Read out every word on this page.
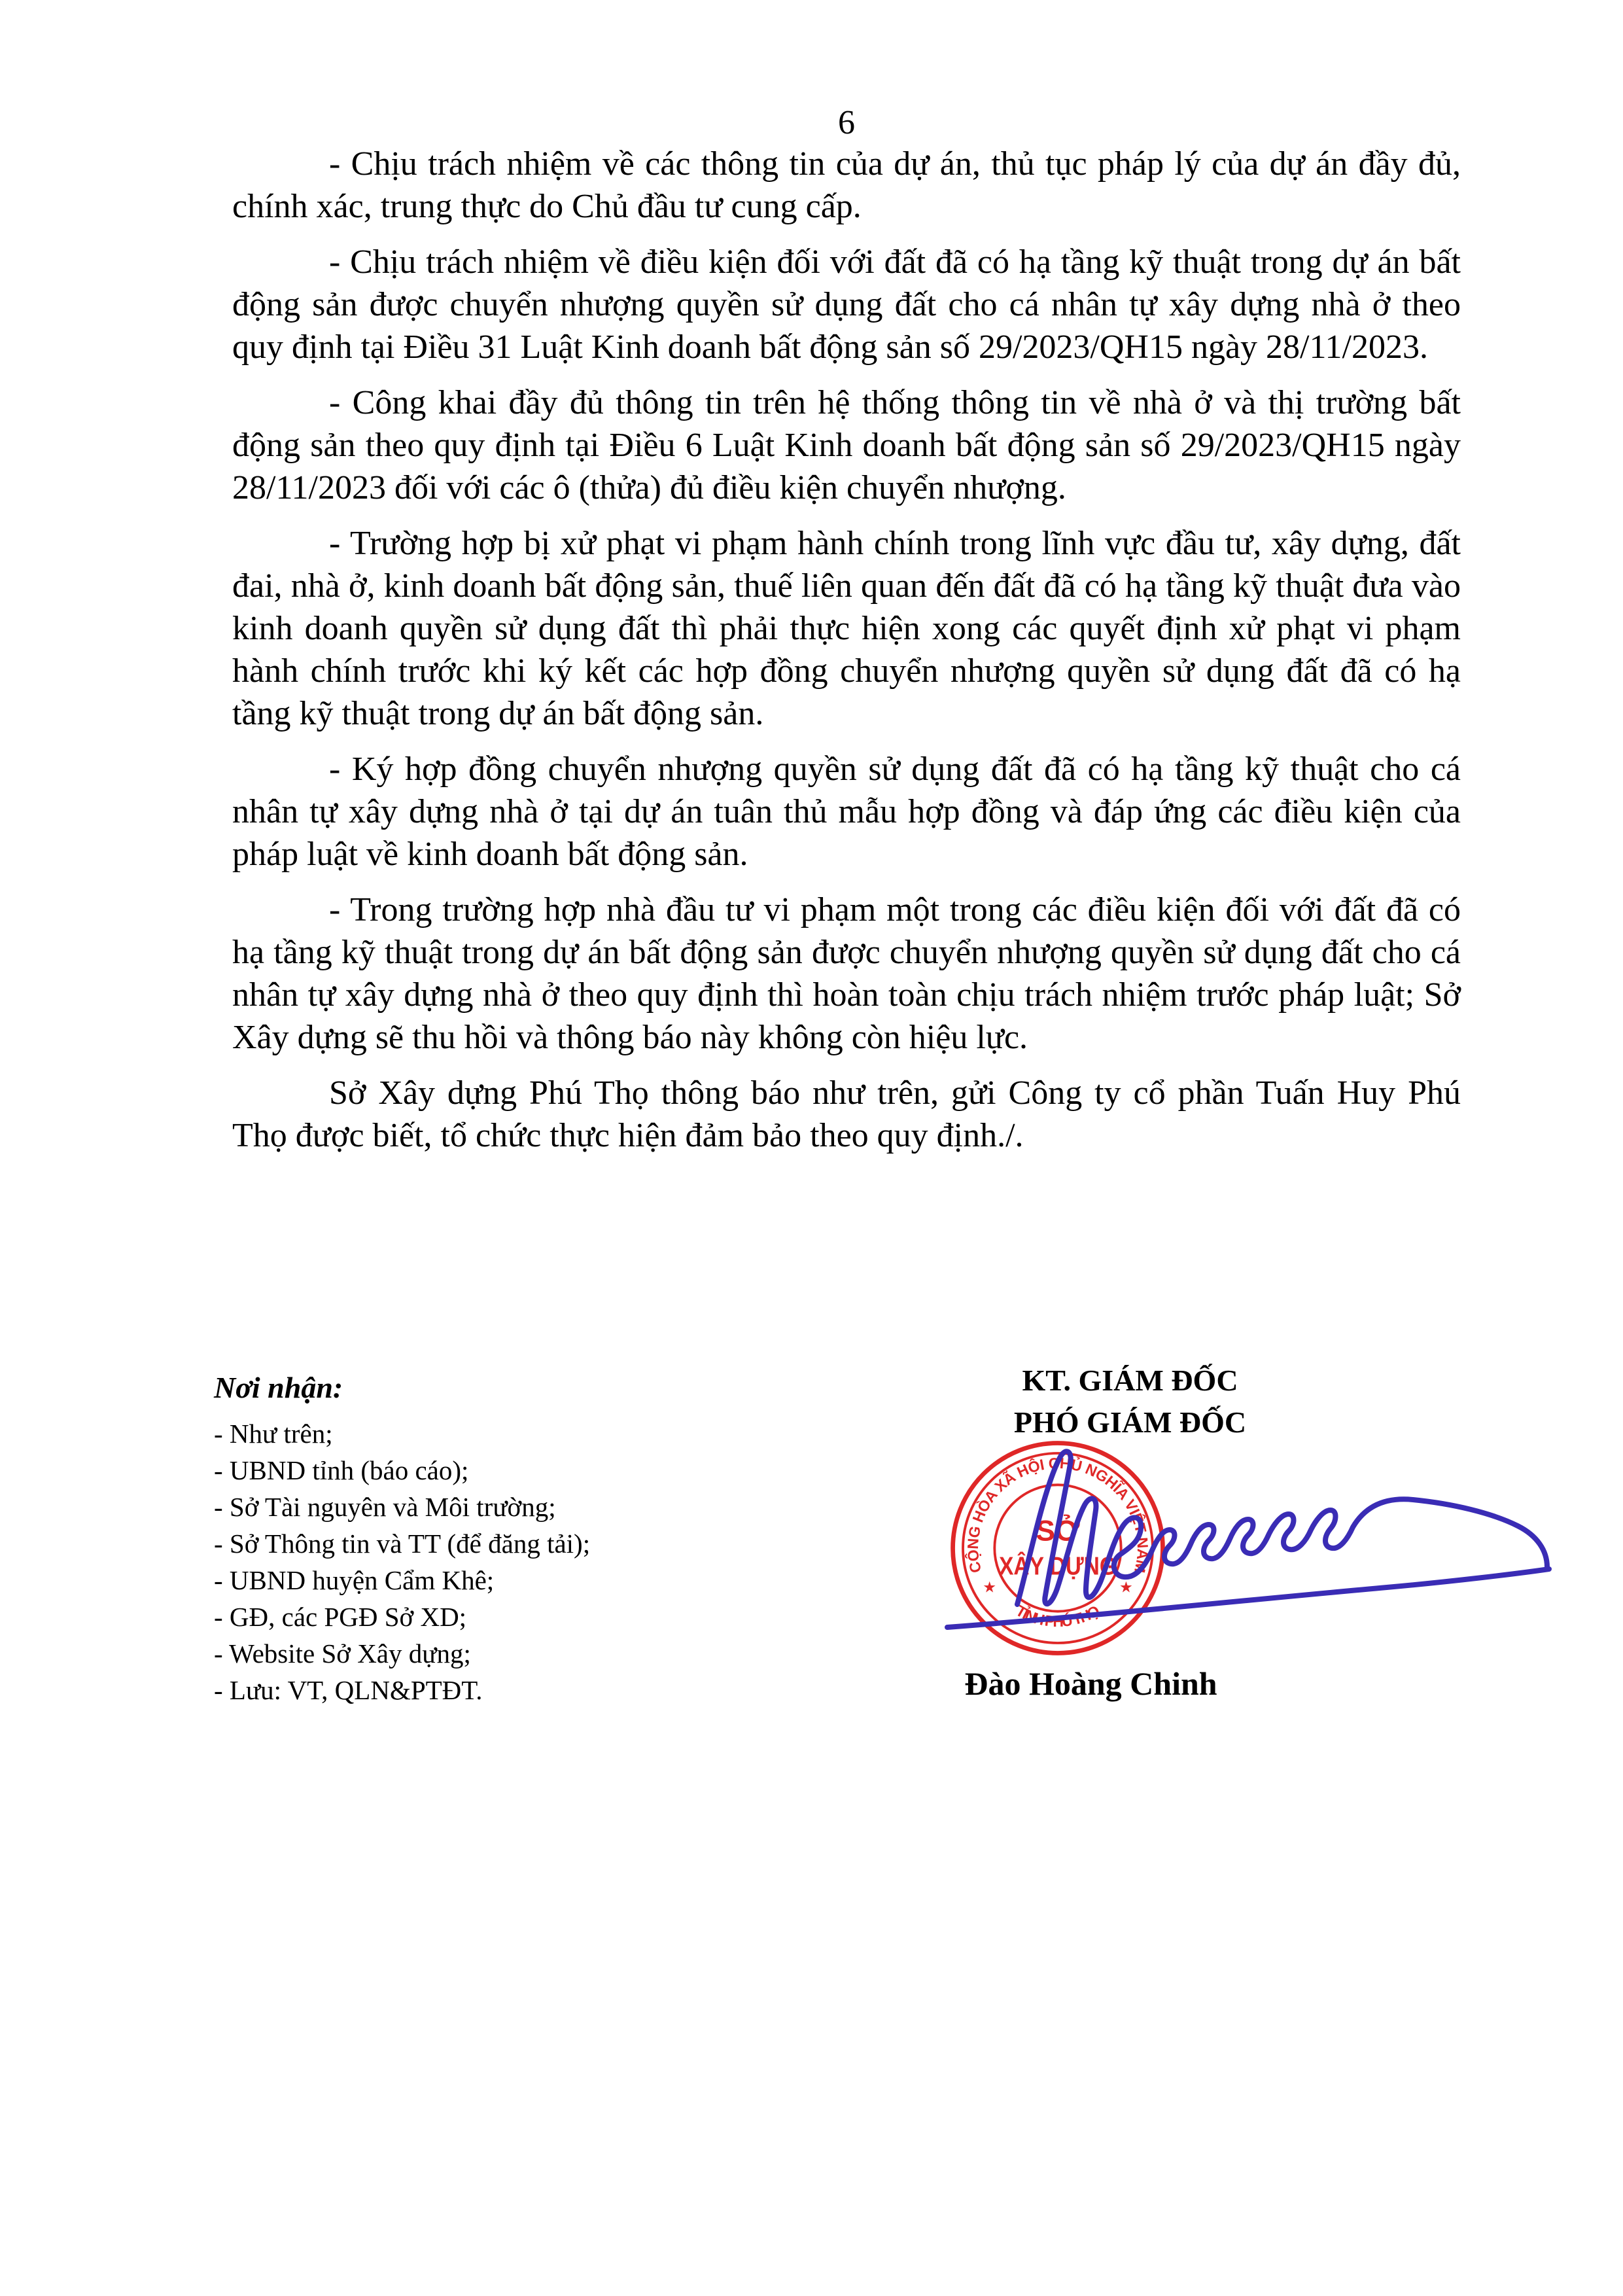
6

- Chịu trách nhiệm về các thông tin của dự án, thủ tục pháp lý của dự án đầy đủ, chính xác, trung thực do Chủ đầu tư cung cấp.

- Chịu trách nhiệm về điều kiện đối với đất đã có hạ tầng kỹ thuật trong dự án bất động sản được chuyển nhượng quyền sử dụng đất cho cá nhân tự xây dựng nhà ở theo quy định tại Điều 31 Luật Kinh doanh bất động sản số 29/2023/QH15 ngày 28/11/2023.

- Công khai đầy đủ thông tin trên hệ thống thông tin về nhà ở và thị trường bất động sản theo quy định tại Điều 6 Luật Kinh doanh bất động sản số 29/2023/QH15 ngày 28/11/2023 đối với các ô (thửa) đủ điều kiện chuyển nhượng.

- Trường hợp bị xử phạt vi phạm hành chính trong lĩnh vực đầu tư, xây dựng, đất đai, nhà ở, kinh doanh bất động sản, thuế liên quan đến đất đã có hạ tầng kỹ thuật đưa vào kinh doanh quyền sử dụng đất thì phải thực hiện xong các quyết định xử phạt vi phạm hành chính trước khi ký kết các hợp đồng chuyển nhượng quyền sử dụng đất đã có hạ tầng kỹ thuật trong dự án bất động sản.

- Ký hợp đồng chuyển nhượng quyền sử dụng đất đã có hạ tầng kỹ thuật cho cá nhân tự xây dựng nhà ở tại dự án tuân thủ mẫu hợp đồng và đáp ứng các điều kiện của pháp luật về kinh doanh bất động sản.

- Trong trường hợp nhà đầu tư vi phạm một trong các điều kiện đối với đất đã có hạ tầng kỹ thuật trong dự án bất động sản được chuyển nhượng quyền sử dụng đất cho cá nhân tự xây dựng nhà ở theo quy định thì hoàn toàn chịu trách nhiệm trước pháp luật; Sở Xây dựng sẽ thu hồi và thông báo này không còn hiệu lực.

Sở Xây dựng Phú Thọ thông báo như trên, gửi Công ty cổ phần Tuấn Huy Phú Thọ được biết, tổ chức thực hiện đảm bảo theo quy định./.

Nơi nhận:
- Như trên;
- UBND tỉnh (báo cáo);
- Sở Tài nguyên và Môi trường;
- Sở Thông tin và TT (để đăng tải);
- UBND huyện Cẩm Khê;
- GĐ, các PGĐ Sở XD;
- Website Sở Xây dựng;
- Lưu: VT, QLN&PTĐT.
KT. GIÁM ĐỐC
PHÓ GIÁM ĐỐC
CỘNG HÒA XÃ HỘI CHỦ NGHĨA VIỆT NAM
TỈNH PHÚ THỌ
★	★
SỞ
XÂY DỰNG
Đào Hoàng Chinh
